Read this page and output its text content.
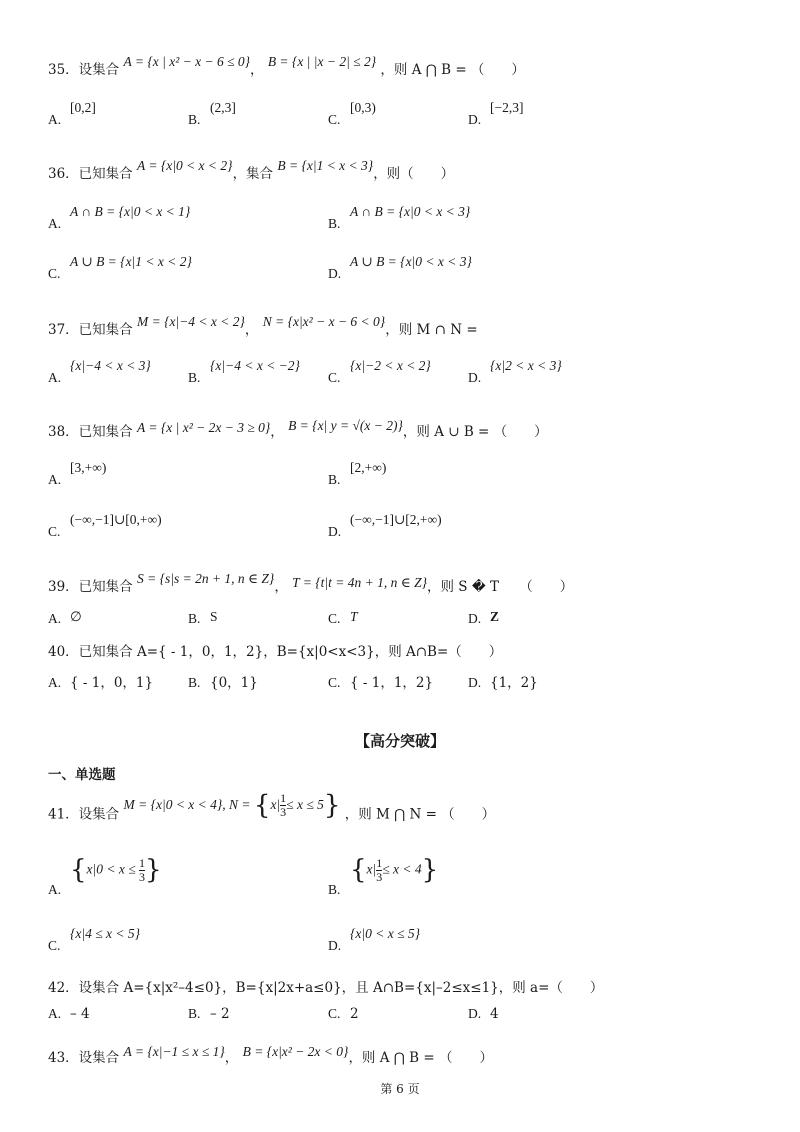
35．设集合 A = {x | x² − x − 6 ≤ 0}， B = {x | |x − 2| ≤ 2} ，则 A ⋂ B = （　　）
A.[0,2]
B.(2,3]
C.[0,3)
D.[−2,3]
36．已知集合 A = {x|0 < x < 2}，集合 B = {x|1 < x < 3}，则（　　）
A.A ∩ B = {x|0 < x < 1}
B.A ∩ B = {x|0 < x < 3}
C.A ∪ B = {x|1 < x < 2}
D.A ∪ B = {x|0 < x < 3}
37．已知集合 M = {x|−4 < x < 2}， N = {x|x² − x − 6 < 0}，则 M ∩ N =
A.{x|−4 < x < 3}
B.{x|−4 < x < −2}
C.{x|−2 < x < 2}
D.{x|2 < x < 3}
38．已知集合 A = {x | x² − 2x − 3 ≥ 0}， B = {x| y = √(x − 2)}，则 A ∪ B = （　　）
A.[3,+∞)
B.[2,+∞)
C.(−∞,−1]∪[0,+∞)
D.(−∞,−1]∪[2,+∞)
39．已知集合 S = {s|s = 2n + 1, n ∈ Z}， T = {t|t = 4n + 1, n ∈ Z}，则 S � T　　（　　）
A. ∅	B. S	C. T	D. Z
40．已知集合 A={ - 1，0，1，2}，B={x|0<x<3}，则 A∩B=（　　）
A. { - 1，0，1}	B. {0，1}	C. { - 1，1，2}	D. {1，2}
【高分突破】
一、单选题
41．设集合 M = {x|0 < x < 4}, $N = \{x| \frac{1}{3} \le x \le 5\}$ ，则 M ⋂ N = （　　）
$A.\{x|0 < x \le \frac{1}{3}$ }
$B.\{x| \frac{1}{3} \le x < 4\}$
C.{x|4 ≤ x < 5}
D.{x|0 < x ≤ 5}
42．设集合 A={x|x²–4≤0}，B={x|2x+a≤0}，且 A∩B={x|–2≤x≤1}，则 a=（　　）
A. – 4	B. – 2	C. 2	D. 4
43．设集合 A = {x|−1 ≤ x ≤ 1}， B = {x|x² − 2x < 0}，则 A ⋂ B = （　　）
第 6 页
